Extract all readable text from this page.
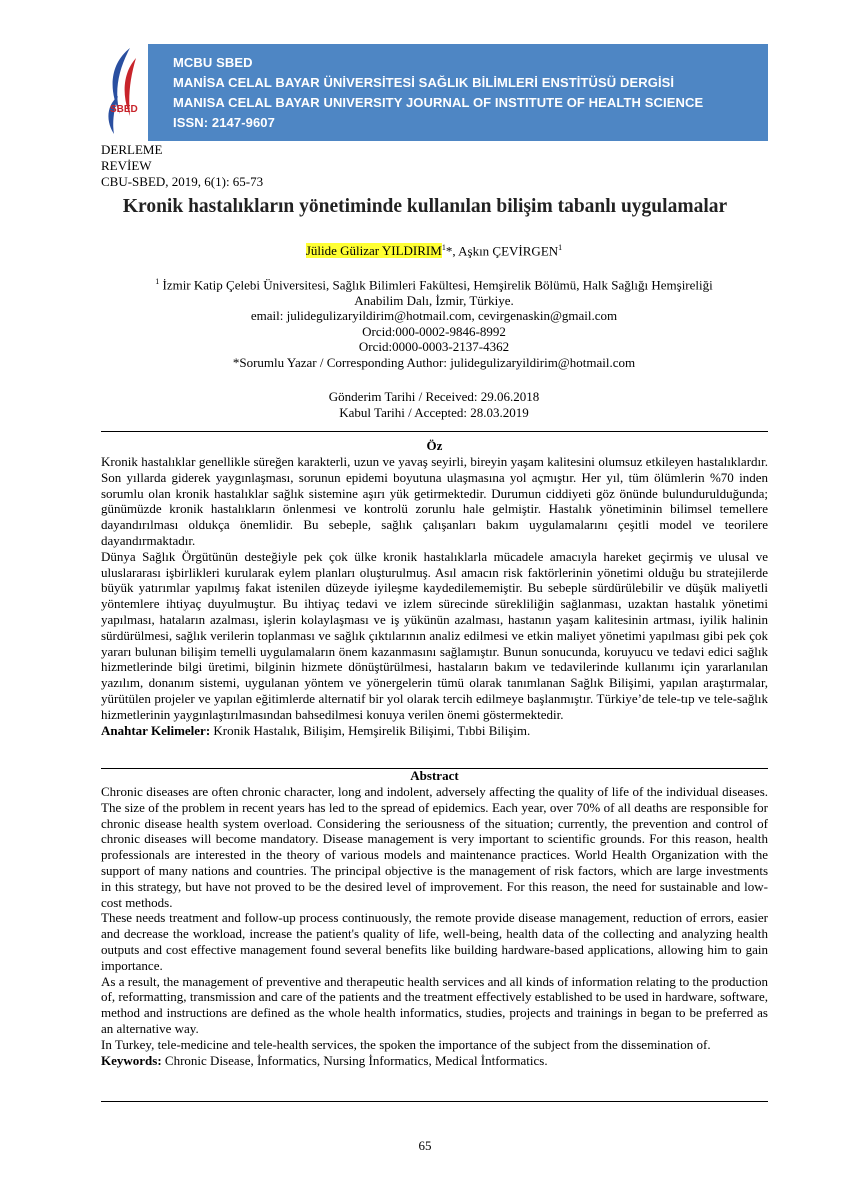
SBED
MCBU SBED
MANİSA CELAL BAYAR ÜNİVERSİTESİ SAĞLIK BİLİMLERİ ENSTİTÜSÜ DERGİSİ
MANISA CELAL BAYAR UNIVERSITY JOURNAL OF INSTITUTE OF HEALTH SCIENCE
ISSN: 2147-9607
DERLEME
REVİEW
CBU-SBED, 2019, 6(1): 65-73
Kronik hastalıkların yönetiminde kullanılan bilişim tabanlı uygulamalar
Jülide Gülizar YILDIRIM$^1$*, Aşkın ÇEVİRGEN$^1$
$^1$ İzmir Katip Çelebi Üniversitesi, Sağlık Bilimleri Fakültesi, Hemşirelik Bölümü, Halk Sağlığı Hemşireliği
Anabilim Dalı, İzmir, Türkiye.
email: julidegulizaryildirim@hotmail.com, cevirgenaskin@gmail.com
Orcid:000-0002-9846-8992
Orcid:0000-0003-2137-4362
*Sorumlu Yazar / Corresponding Author: julidegulizaryildirim@hotmail.com
Gönderim Tarihi / Received: 29.06.2018
Kabul Tarihi / Accepted: 28.03.2019
Öz

Kronik hastalıklar genellikle süreğen karakterli, uzun ve yavaş seyirli, bireyin yaşam kalitesini olumsuz etkileyen hastalıklardır. Son yıllarda giderek yaygınlaşması, sorunun epidemi boyutuna ulaşmasına yol açmıştır. Her yıl, tüm ölümlerin %70 inden sorumlu olan kronik hastalıklar sağlık sistemine aşırı yük getirmektedir. Durumun ciddiyeti göz önünde bulundurulduğunda; günümüzde kronik hastalıkların önlenmesi ve kontrolü zorunlu hale gelmiştir. Hastalık yönetiminin bilimsel temellere dayandırılması oldukça önemlidir. Bu sebeple, sağlık çalışanları bakım uygulamalarını çeşitli model ve teorilere dayandırmaktadır.

Dünya Sağlık Örgütünün desteğiyle pek çok ülke kronik hastalıklarla mücadele amacıyla hareket geçirmiş ve ulusal ve uluslararası işbirlikleri kurularak eylem planları oluşturulmuş. Asıl amacın risk faktörlerinin yönetimi olduğu bu stratejilerde büyük yatırımlar yapılmış fakat istenilen düzeyde iyileşme kaydedilememiştir. Bu sebeple sürdürülebilir ve düşük maliyetli yöntemlere ihtiyaç duyulmuştur. Bu ihtiyaç tedavi ve izlem sürecinde sürekliliğin sağlanması, uzaktan hastalık yönetimi yapılması, hataların azalması, işlerin kolaylaşması ve iş yükünün azalması, hastanın yaşam kalitesinin artması, iyilik halinin sürdürülmesi, sağlık verilerin toplanması ve sağlık çıktılarının analiz edilmesi ve etkin maliyet yönetimi yapılması gibi pek çok yararı bulunan bilişim temelli uygulamaların önem kazanmasını sağlamıştır. Bunun sonucunda, koruyucu ve tedavi edici sağlık hizmetlerinde bilgi üretimi, bilginin hizmete dönüştürülmesi, hastaların bakım ve tedavilerinde kullanımı için yararlanılan yazılım, donanım sistemi, uygulanan yöntem ve yönergelerin tümü olarak tanımlanan Sağlık Bilişimi, yapılan araştırmalar, yürütülen projeler ve yapılan eğitimlerde alternatif bir yol olarak tercih edilmeye başlanmıştır. Türkiye’de tele-tıp ve tele-sağlık hizmetlerinin yaygınlaştırılmasından bahsedilmesi konuya verilen önemi göstermektedir.

Anahtar Kelimeler: Kronik Hastalık, Bilişim, Hemşirelik Bilişimi, Tıbbi Bilişim.

Abstract

Chronic diseases are often chronic character, long and indolent, adversely affecting the quality of life of the individual diseases. The size of the problem in recent years has led to the spread of epidemics. Each year, over 70% of all deaths are responsible for chronic disease health system overload. Considering the seriousness of the situation; currently, the prevention and control of chronic diseases will become mandatory. Disease management is very important to scientific grounds. For this reason, health professionals are interested in the theory of various models and maintenance practices. World Health Organization with the support of many nations and countries. The principal objective is the management of risk factors, which are large investments in this strategy, but have not proved to be the desired level of improvement. For this reason, the need for sustainable and low-cost methods.

These needs treatment and follow-up process continuously, the remote provide disease management, reduction of errors, easier and decrease the workload, increase the patient's quality of life, well-being, health data of the collecting and analyzing health outputs and cost effective management found several benefits like building hardware-based applications, allowing him to gain importance.

As a result, the management of preventive and therapeutic health services and all kinds of information relating to the production of, reformatting, transmission and care of the patients and the treatment effectively established to be used in hardware, software, method and instructions are defined as the whole health informatics, studies, projects and trainings in began to be preferred as an alternative way.

In Turkey, tele-medicine and tele-health services, the spoken the importance of the subject from the dissemination of.

Keywords: Chronic Disease, İnformatics, Nursing İnformatics, Medical İntformatics.

65
